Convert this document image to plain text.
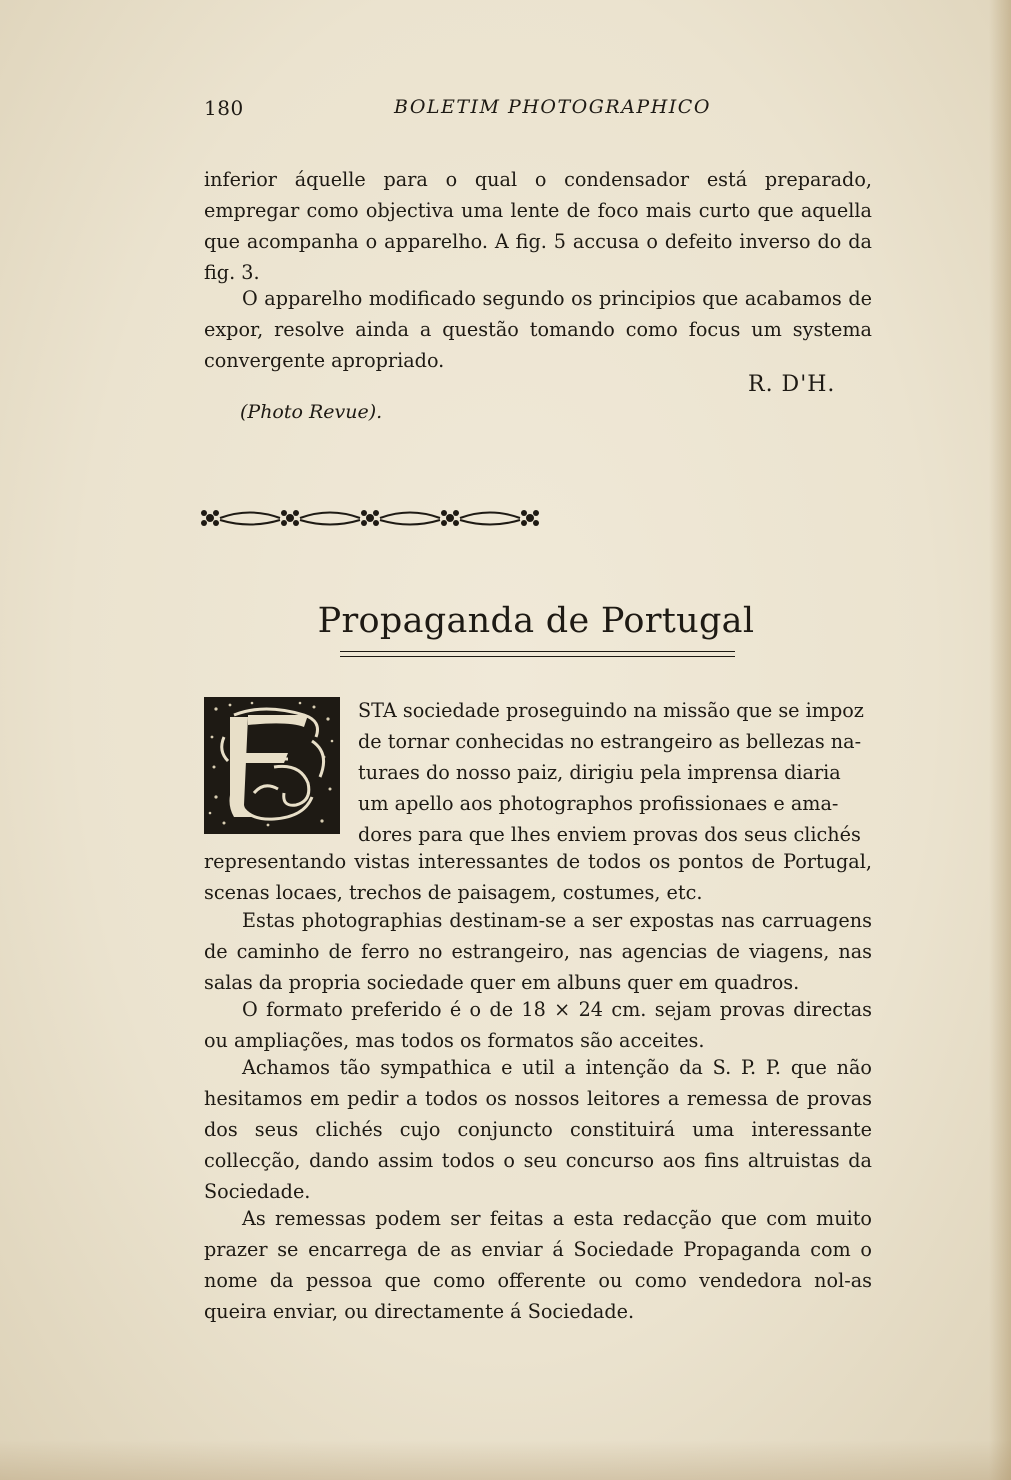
180	BOLETIM PHOTOGRAPHICO

inferior áquelle para o qual o condensador está preparado, empregar como objectiva uma lente de foco mais curto que aquella que acompanha o apparelho. A fig. 5 accusa o defeito inverso do da fig. 3.

O apparelho modificado segundo os principios que acabamos de expor, resolve ainda a questão tomando como focus um systema convergente apropriado.

R. D'H.
(Photo Revue).
Propaganda de Portugal
STA sociedade proseguindo na missão que se impoz
de tornar conhecidas no estrangeiro as bellezas na-
turaes do nosso paiz, dirigiu pela imprensa diaria
um apello aos photographos profissionaes e ama-
dores para que lhes enviem provas dos seus clichés

representando vistas interessantes de todos os pontos de Portugal, scenas locaes, trechos de paisagem, costumes, etc.

Estas photographias destinam-se a ser expostas nas carruagens de caminho de ferro no estrangeiro, nas agencias de viagens, nas salas da propria sociedade quer em albuns quer em quadros.

O formato preferido é o de 18 × 24 cm. sejam provas directas ou ampliações, mas todos os formatos são acceites.

Achamos tão sympathica e util a intenção da S. P. P. que não hesitamos em pedir a todos os nossos leitores a remessa de provas dos seus clichés cujo conjuncto constituirá uma interessante collecção, dando assim todos o seu concurso aos fins altruistas da Sociedade.

As remessas podem ser feitas a esta redacção que com muito prazer se encarrega de as enviar á Sociedade Propaganda com o nome da pessoa que como offerente ou como vendedora nol-as queira enviar, ou directamente á Sociedade.
